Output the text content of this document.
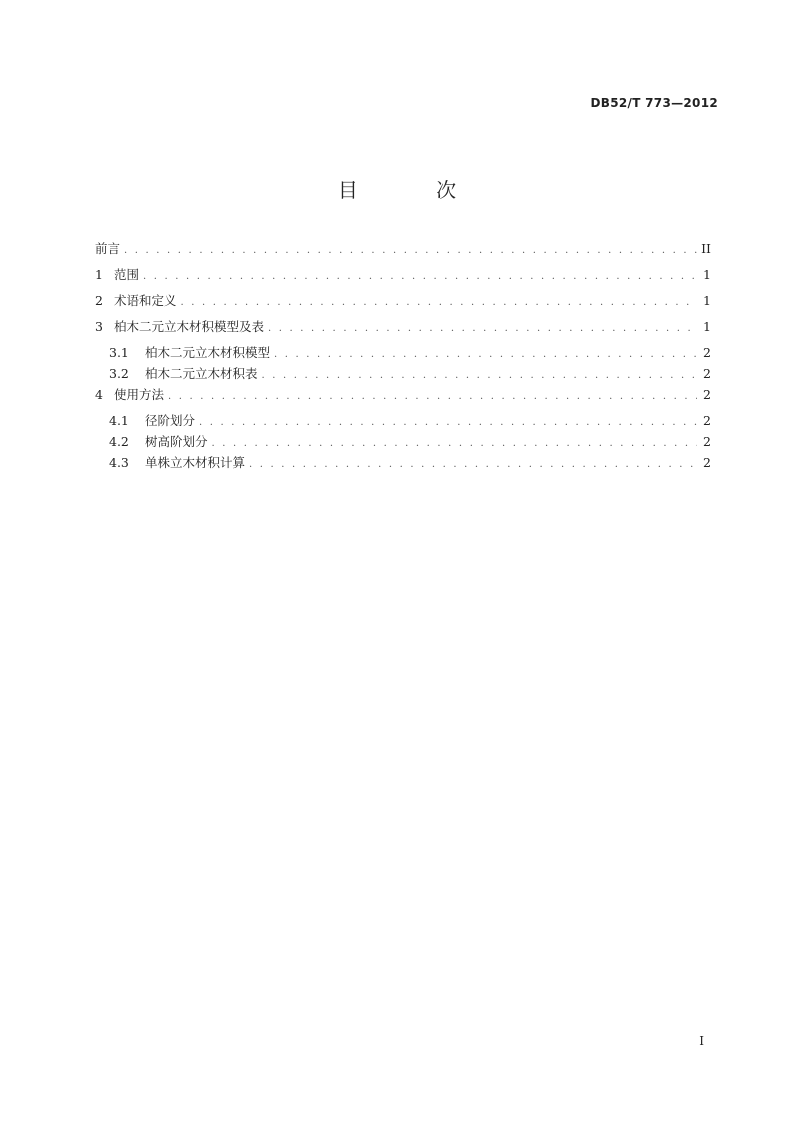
DB52/T 773—2012
目 次
前言 . . .	II
1 范围 . . .	1
2 术语和定义 . . .	1
3 柏木二元立木材积模型及表 . . .	1
3.1	柏木二元立木材积模型 . . .	2
3.2	柏木二元立木材积表 . . .	2
4 使用方法 . . .	2
4.1	径阶划分 . . .	2
4.2	树高阶划分 . . .	2
4.3	单株立木材积计算 . . .	2
I
